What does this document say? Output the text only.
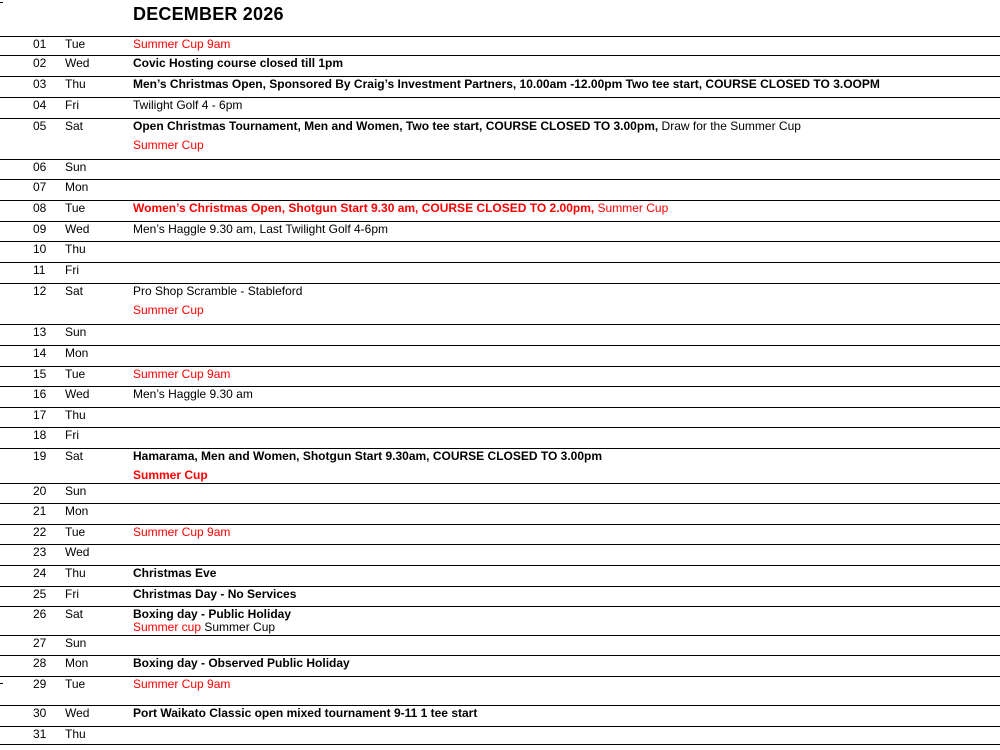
DECEMBER 2026
01 Tue	Summer Cup 9am
02 Wed	Covic Hosting course closed till 1pm
03 Thu	Men’s Christmas Open, Sponsored By Craig’s Investment Partners, 10.00am -12.00pm Two tee start, COURSE CLOSED TO 3.OOPM
04 Fri	Twilight Golf 4 - 6pm
05 Sat	Open Christmas Tournament, Men and Women, Two tee start, COURSE CLOSED TO 3.00pm, Draw for the Summer Cup
Summer Cup
06 Sun
07 Mon
08 Tue	Women’s Christmas Open, Shotgun Start 9.30 am, COURSE CLOSED TO 2.00pm, Summer Cup
09 Wed	Men’s Haggle 9.30 am, Last Twilight Golf 4-6pm
10 Thu
11 Fri
12 Sat	Pro Shop Scramble - Stableford
Summer Cup
13 Sun
14 Mon
15 Tue	Summer Cup 9am
16 Wed	Men’s Haggle 9.30 am
17 Thu
18 Fri
19 Sat	Hamarama, Men and Women, Shotgun Start 9.30am, COURSE CLOSED TO 3.00pm
Summer Cup
20 Sun
21 Mon
22 Tue	Summer Cup 9am
23 Wed
24 Thu	Christmas Eve
25 Fri	Christmas Day - No Services
26 Sat	Boxing day - Public Holiday
Summer cup Summer Cup
27 Sun
28 Mon	Boxing day - Observed Public Holiday
29 Tue	Summer Cup 9am
30 Wed	Port Waikato Classic open mixed tournament 9-11 1 tee start
31 Thu
